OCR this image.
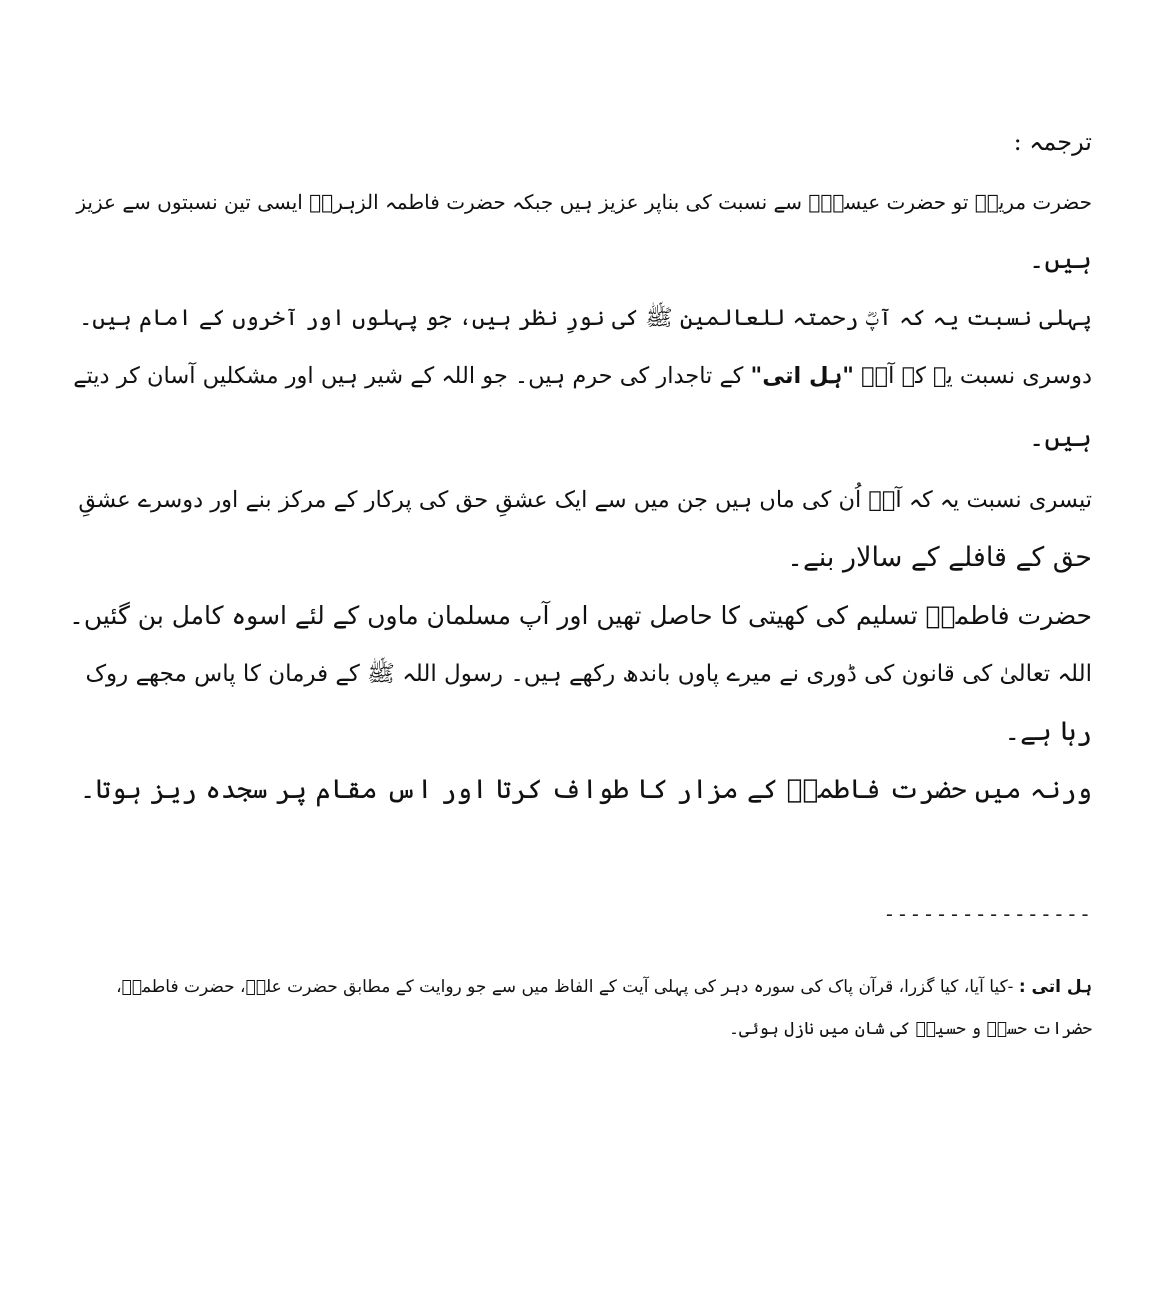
ترجمہ :
حضرت مریمؑ تو حضرت عیسیٰؑ سے نسبت کی بناپر عزیز ہیں جبکہ حضرت فاطمہ الزہرہؓ ایسی تین نسبتوں سے عزیز
ہیں۔
پہلی نسبت یہ کہ آپؓ رحمتہ للعالمین ﷺ کی نورِ نظر ہیں، جو پہلوں اور آخروں کے امام ہیں۔
دوسری نسبت یہ کہ آپؓ "ہل اتی" کے تاجدار کی حرم ہیں۔ جو اللہ کے شیر ہیں اور مشکلیں آسان کر دیتے
ہیں۔
تیسری نسبت یہ کہ آپؓ اُن کی ماں ہیں جن میں سے ایک عشقِ حق کی پرکار کے مرکز بنے اور دوسرے عشقِ
حق کے قافلے کے سالار بنے۔
حضرت فاطمہؓ تسلیم کی کھیتی کا حاصل تھیں اور آپ مسلمان ماوں کے لئے اسوہ کامل بن گئیں۔
اللہ تعالیٰ کی قانون کی ڈوری نے میرے پاوں باندھ رکھے ہیں۔ رسول اللہ ﷺ کے فرمان کا پاس مجھے روک
رہا ہے۔
ورنہ میں حضرت فاطمہؓ کے مزار کا طواف کرتا اور اس مقام پر سجدہ ریز ہوتا۔
----------------
ہل اتی : -کیا آیا، کیا گزرا، قرآن پاک کی سورہ دہر کی پہلی آیت کے الفاظ میں سے جو روایت کے مطابق حضرت علیؑ، حضرت فاطمہؓ،
حضرات حسنؑ و حسینؑ کی شان میں نازل ہوئی۔
